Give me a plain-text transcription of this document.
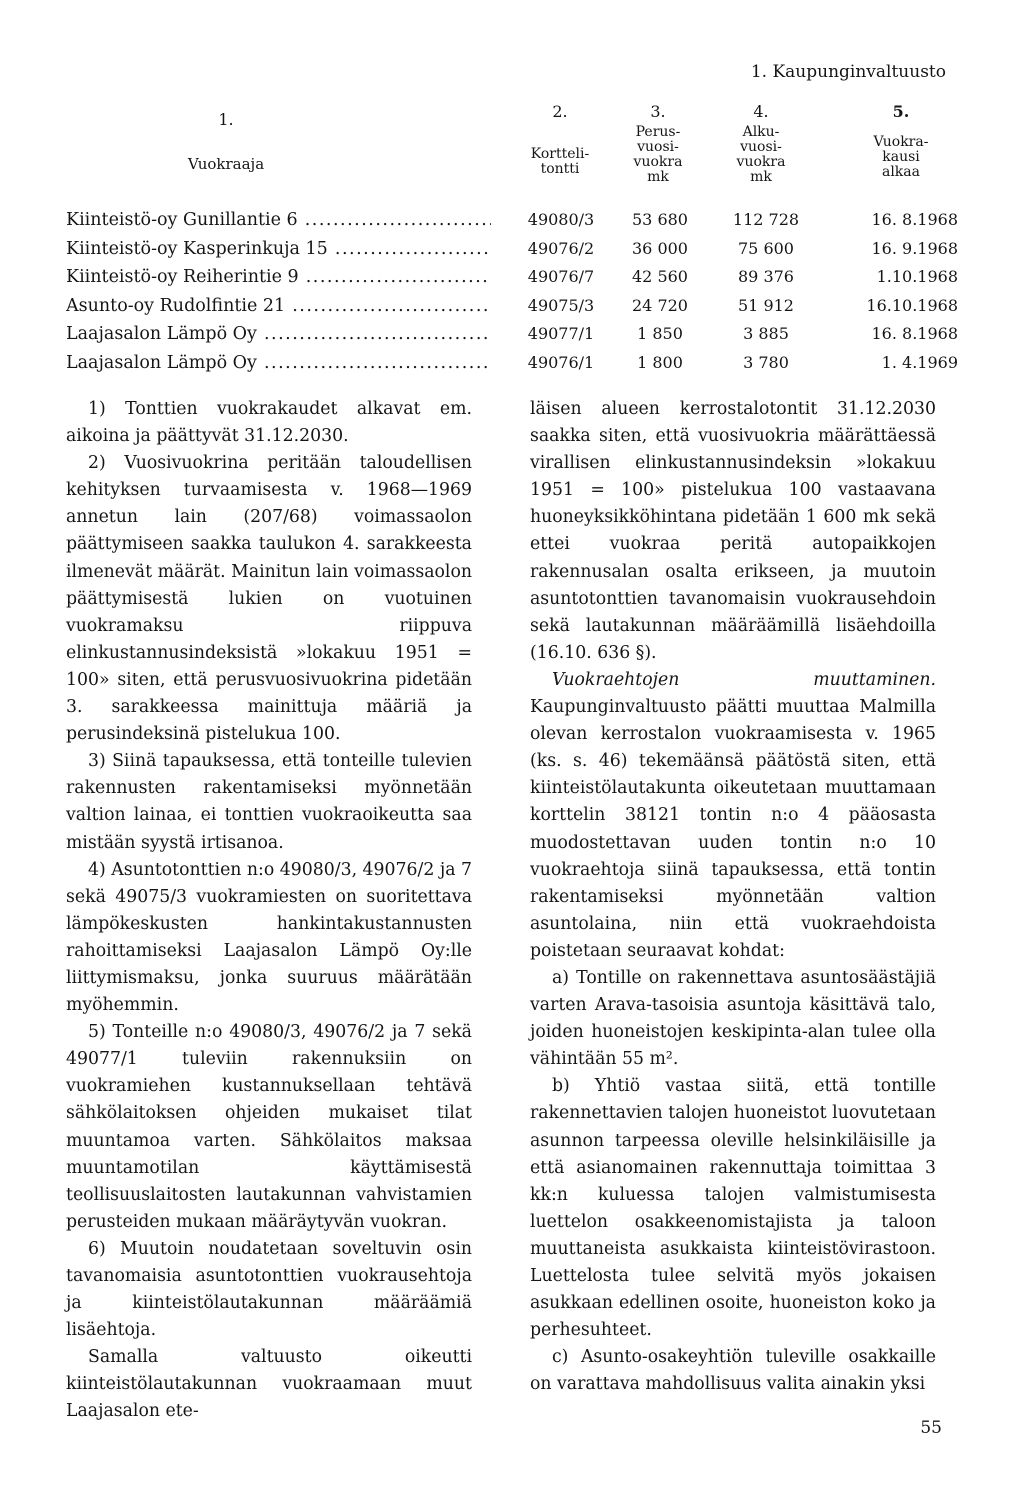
1. Kaupunginvaltuusto
1.
Vuokraaja
2.
Kortteli-
tontti
3.
Perus-
vuosi-
vuokra
mk
4.
Alku-
vuosi-
vuokra
mk
5.
Vuokra-
kausi
alkaa
Kiinteistö-oy Gunillantie 6 .....	49080/3	53 680	112 728	16. 8.1968
Kiinteistö-oy Kasperinkuja 15 .....	49076/2	36 000	75 600	16. 9.1968
Kiinteistö-oy Reiherintie 9 .....	49076/7	42 560	89 376	1.10.1968
Asunto-oy Rudolfintie 21 .....	49075/3	24 720	51 912	16.10.1968
Laajasalon Lämpö Oy .....	49077/1	1 850	3 885	16. 8.1968
Laajasalon Lämpö Oy .....	49076/1	1 800	3 780	1. 4.1969

1) Tonttien vuokrakaudet alkavat em. aikoina ja päättyvät 31.12.2030.

2) Vuosivuokrina peritään taloudellisen kehityksen turvaamisesta v. 1968—1969 annetun lain (207/68) voimassaolon päättymiseen saakka taulukon 4. sarakkeesta ilmenevät määrät. Mainitun lain voimassaolon päättymisestä lukien on vuotuinen vuokramaksu riippuva elinkustannusindeksistä »lokakuu 1951 = 100» siten, että perusvuosivuokrina pidetään 3. sarakkeessa mainittuja määriä ja perusindeksinä pistelukua 100.

3) Siinä tapauksessa, että tonteille tulevien rakennusten rakentamiseksi myönnetään valtion lainaa, ei tonttien vuokraoikeutta saa mistään syystä irtisanoa.

4) Asuntotonttien n:o 49080/3, 49076/2 ja 7 sekä 49075/3 vuokramiesten on suoritettava lämpökeskusten hankintakustannusten rahoittamiseksi Laajasalon Lämpö Oy:lle liittymismaksu, jonka suuruus määrätään myöhemmin.

5) Tonteille n:o 49080/3, 49076/2 ja 7 sekä 49077/1 tuleviin rakennuksiin on vuokramiehen kustannuksellaan tehtävä sähkölaitoksen ohjeiden mukaiset tilat muuntamoa varten. Sähkölaitos maksaa muuntamotilan käyttämisestä teollisuuslaitosten lautakunnan vahvistamien perusteiden mukaan määräytyvän vuokran.

6) Muutoin noudatetaan soveltuvin osin tavanomaisia asuntotonttien vuokrausehtoja ja kiinteistölautakunnan määräämiä lisäehtoja.

Samalla valtuusto oikeutti kiinteistölautakunnan vuokraamaan muut Laajasalon ete-

läisen alueen kerrostalotontit 31.12.2030 saakka siten, että vuosivuokria määrättäessä virallisen elinkustannusindeksin »lokakuu 1951 = 100» pistelukua 100 vastaavana huoneyksikköhintana pidetään 1 600 mk sekä ettei vuokraa peritä autopaikkojen rakennusalan osalta erikseen, ja muutoin asuntotonttien tavanomaisin vuokrausehdoin sekä lautakunnan määräämillä lisäehdoilla (16.10. 636 §).

Vuokraehtojen muuttaminen. Kaupunginvaltuusto päätti muuttaa Malmilla olevan kerrostalon vuokraamisesta v. 1965 (ks. s. 46) tekemäänsä päätöstä siten, että kiinteistölautakunta oikeutetaan muuttamaan korttelin 38121 tontin n:o 4 pääosasta muodostettavan uuden tontin n:o 10 vuokraehtoja siinä tapauksessa, että tontin rakentamiseksi myönnetään valtion asuntolaina, niin että vuokraehdoista poistetaan seuraavat kohdat:

a) Tontille on rakennettava asuntosäästäjiä varten Arava-tasoisia asuntoja käsittävä talo, joiden huoneistojen keskipinta-alan tulee olla vähintään 55 m².

b) Yhtiö vastaa siitä, että tontille rakennettavien talojen huoneistot luovutetaan asunnon tarpeessa oleville helsinkiläisille ja että asianomainen rakennuttaja toimittaa 3 kk:n kuluessa talojen valmistumisesta luettelon osakkeenomistajista ja taloon muuttaneista asukkaista kiinteistövirastoon. Luettelosta tulee selvitä myös jokaisen asukkaan edellinen osoite, huoneiston koko ja perhesuhteet.

c) Asunto-osakeyhtiön tuleville osakkaille on varattava mahdollisuus valita ainakin yksi

55
